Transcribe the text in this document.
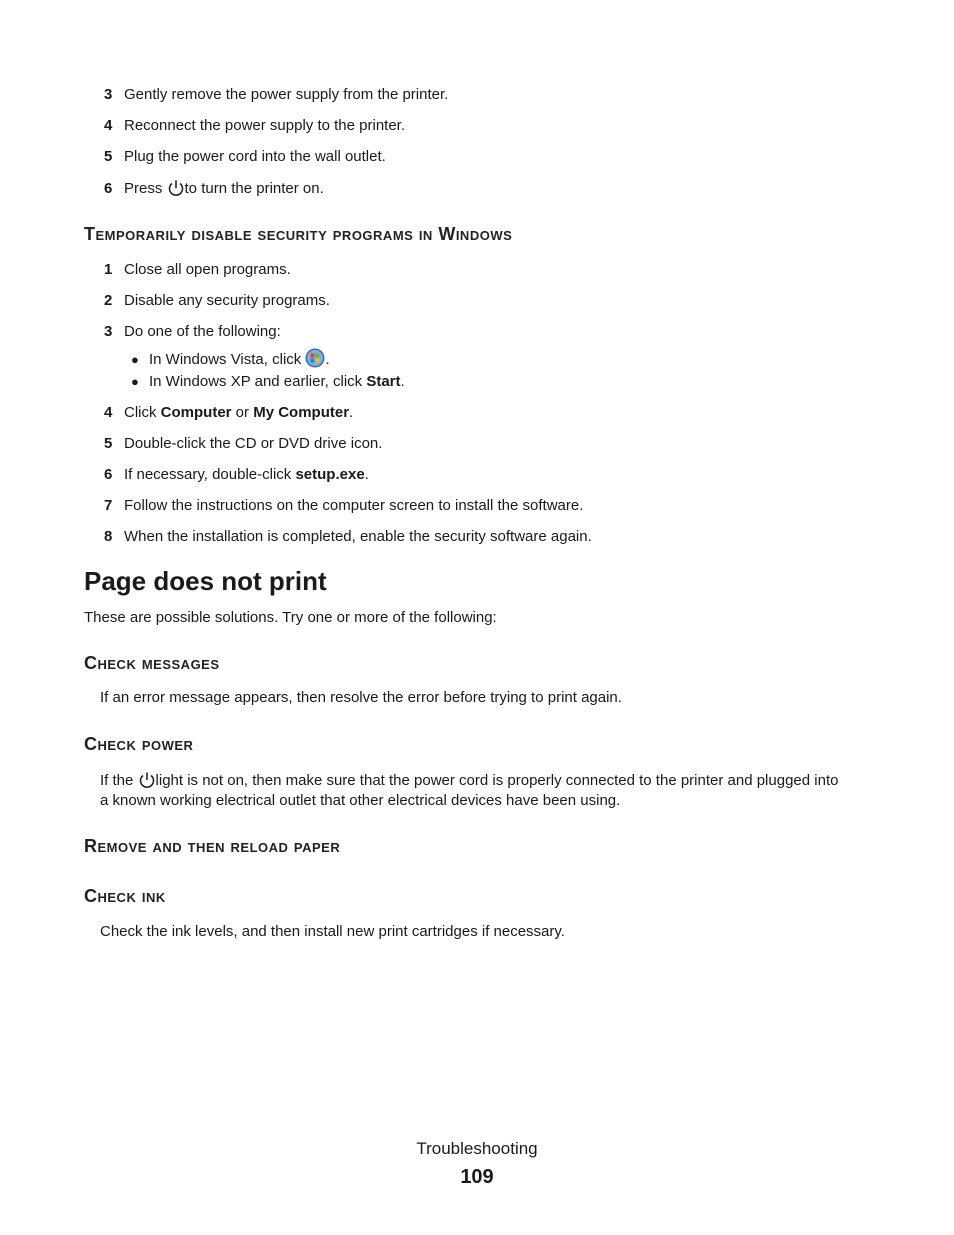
3 Gently remove the power supply from the printer.
4 Reconnect the power supply to the printer.
5 Plug the power cord into the wall outlet.
6 Press to turn the printer on.
Temporarily disable security programs in Windows
1 Close all open programs.
2 Disable any security programs.
3 Do one of the following:
● In Windows Vista, click .
● In Windows XP and earlier, click Start.
4 Click Computer or My Computer.
5 Double-click the CD or DVD drive icon.
6 If necessary, double-click setup.exe.
7 Follow the instructions on the computer screen to install the software.
8 When the installation is completed, enable the security software again.
Page does not print
These are possible solutions. Try one or more of the following:
Check messages
If an error message appears, then resolve the error before trying to print again.
Check power
If the light is not on, then make sure that the power cord is properly connected to the printer and plugged into
a known working electrical outlet that other electrical devices have been using.
Remove and then reload paper
Check ink
Check the ink levels, and then install new print cartridges if necessary.
Troubleshooting
109
